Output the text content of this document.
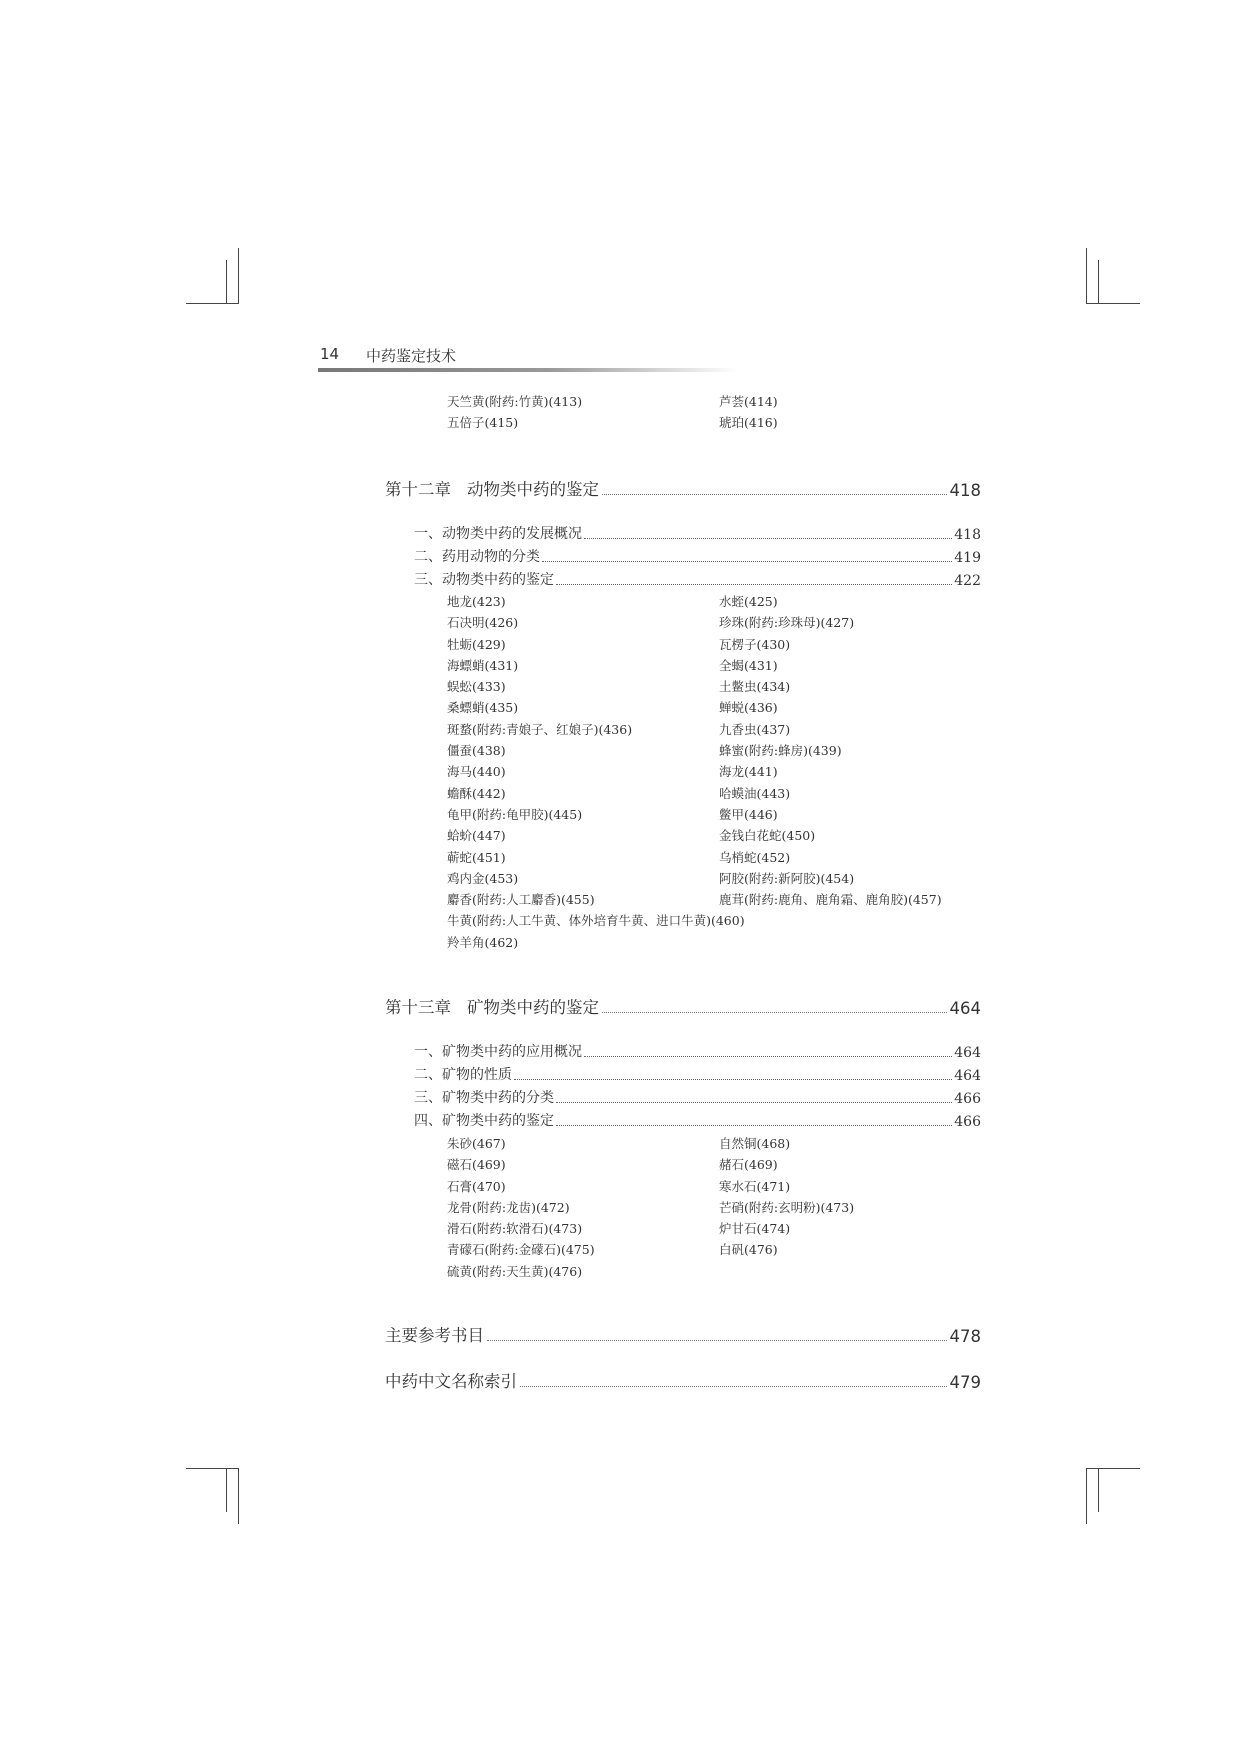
14 中药鉴定技术
天竺黄(附药:竹黄)(413)	芦荟(414)
五倍子(415)	琥珀(416)
第十二章 动物类中药的鉴定	418
一、动物类中药的发展概况	418
二、药用动物的分类	419
三、动物类中药的鉴定	422
地龙(423)	水蛭(425)
石决明(426)	珍珠(附药:珍珠母)(427)
牡蛎(429)	瓦楞子(430)
海螵蛸(431)	全蝎(431)
蜈蚣(433)	土鳖虫(434)
桑螵蛸(435)	蝉蜕(436)
斑蝥(附药:青娘子、红娘子)(436)	九香虫(437)
僵蚕(438)	蜂蜜(附药:蜂房)(439)
海马(440)	海龙(441)
蟾酥(442)	哈蟆油(443)
龟甲(附药:龟甲胶)(445)	鳖甲(446)
蛤蚧(447)	金钱白花蛇(450)
蕲蛇(451)	乌梢蛇(452)
鸡内金(453)	阿胶(附药:新阿胶)(454)
麝香(附药:人工麝香)(455)	鹿茸(附药:鹿角、鹿角霜、鹿角胶)(457)
牛黄(附药:人工牛黄、体外培育牛黄、进口牛黄)(460)
羚羊角(462)
第十三章 矿物类中药的鉴定	464
一、矿物类中药的应用概况	464
二、矿物的性质	464
三、矿物类中药的分类	466
四、矿物类中药的鉴定	466
朱砂(467)	自然铜(468)
磁石(469)	赭石(469)
石膏(470)	寒水石(471)
龙骨(附药:龙齿)(472)	芒硝(附药:玄明粉)(473)
滑石(附药:软滑石)(473)	炉甘石(474)
青礞石(附药:金礞石)(475)	白矾(476)
硫黄(附药:天生黄)(476)
主要参考书目	478
中药中文名称索引	479
